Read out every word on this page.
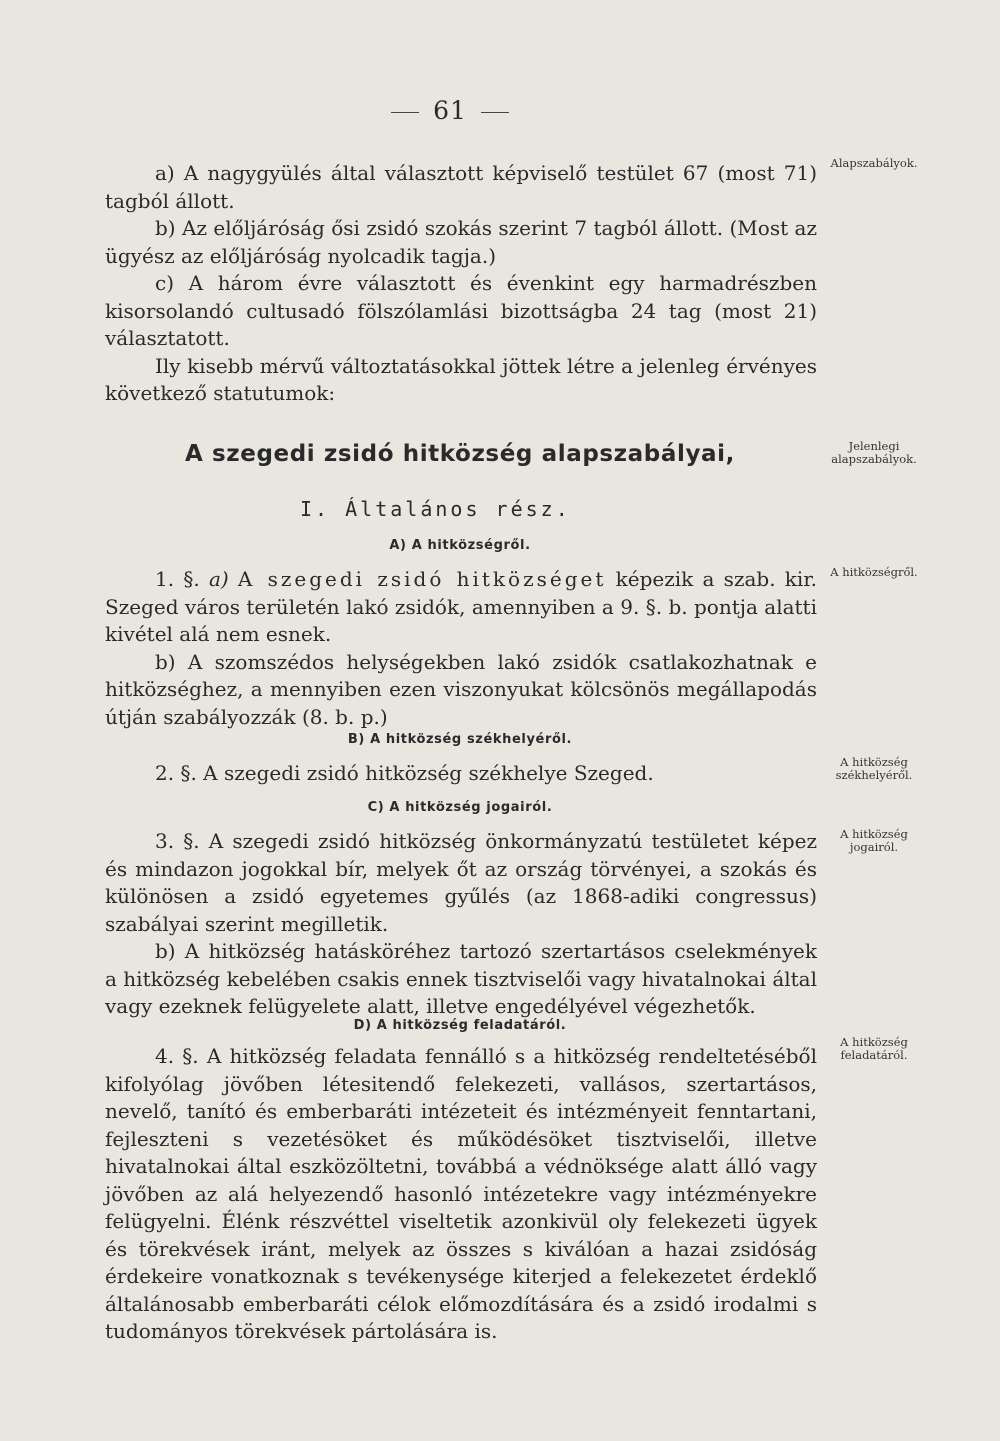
61

a) A nagygyülés által választott képviselő testület 67 (most 71) tagból állott.

b) Az előljáróság ősi zsidó szokás szerint 7 tagból állott. (Most az ügyész az előljáróság nyolcadik tagja.)

c) A három évre választott és évenkint egy harmadrészben kisorsolandó cultusadó fölszólamlási bizottságba 24 tag (most 21) választatott.

Ily kisebb mérvű változtatásokkal jöttek létre a jelenleg érvényes következő statutumok:

A szegedi zsidó hitközség alapszabályai,
I. Általános rész.
A) A hitközségről.

1. §. a) A szegedi zsidó hitközséget képezik a szab. kir. Szeged város területén lakó zsidók, amennyiben a 9. §. b. pontja alatti kivétel alá nem esnek.

b) A szomszédos helységekben lakó zsidók csatlakozhatnak e hitközséghez, a mennyiben ezen viszonyukat kölcsönös megállapodás útján szabályozzák (8. b. p.)

B) A hitközség székhelyéről.

2. §. A szegedi zsidó hitközség székhelye Szeged.

C) A hitközség jogairól.

3. §. A szegedi zsidó hitközség önkormányzatú testületet képez és mindazon jogokkal bír, melyek őt az ország törvényei, a szokás és különösen a zsidó egyetemes gyűlés (az 1868-adiki congressus) szabályai szerint megilletik.

b) A hitközség hatásköréhez tartozó szertartásos cselekmények a hitközség kebelében csakis ennek tisztviselői vagy hivatalnokai által vagy ezeknek felügyelete alatt, illetve engedélyével végezhetők.

D) A hitközség feladatáról.

4. §. A hitközség feladata fennálló s a hitközség rendeltetéséből kifolyólag jövőben létesitendő felekezeti, vallásos, szertartásos, nevelő, tanító és emberbaráti intézeteit és intézményeit fenntartani, fejleszteni s vezetésöket és működésöket tisztviselői, illetve hivatalnokai által eszközöltetni, továbbá a védnöksége alatt álló vagy jövőben az alá helyezendő hasonló intézetekre vagy intézményekre felügyelni. Élénk részvéttel viseltetik azonkivül oly felekezeti ügyek és törekvések iránt, melyek az összes s kiválóan a hazai zsidóság érdekeire vonatkoznak s tevékenysége kiterjed a felekezetet érdeklő általánosabb emberbaráti célok előmozdítására és a zsidó irodalmi s tudományos törekvések pártolására is.

Alapszabályok.
Jelenlegi alapszabályok.
A hitközségről.
A hitközség székhelyéről.
A hitközség jogairól.
A hitközség feladatáról.
